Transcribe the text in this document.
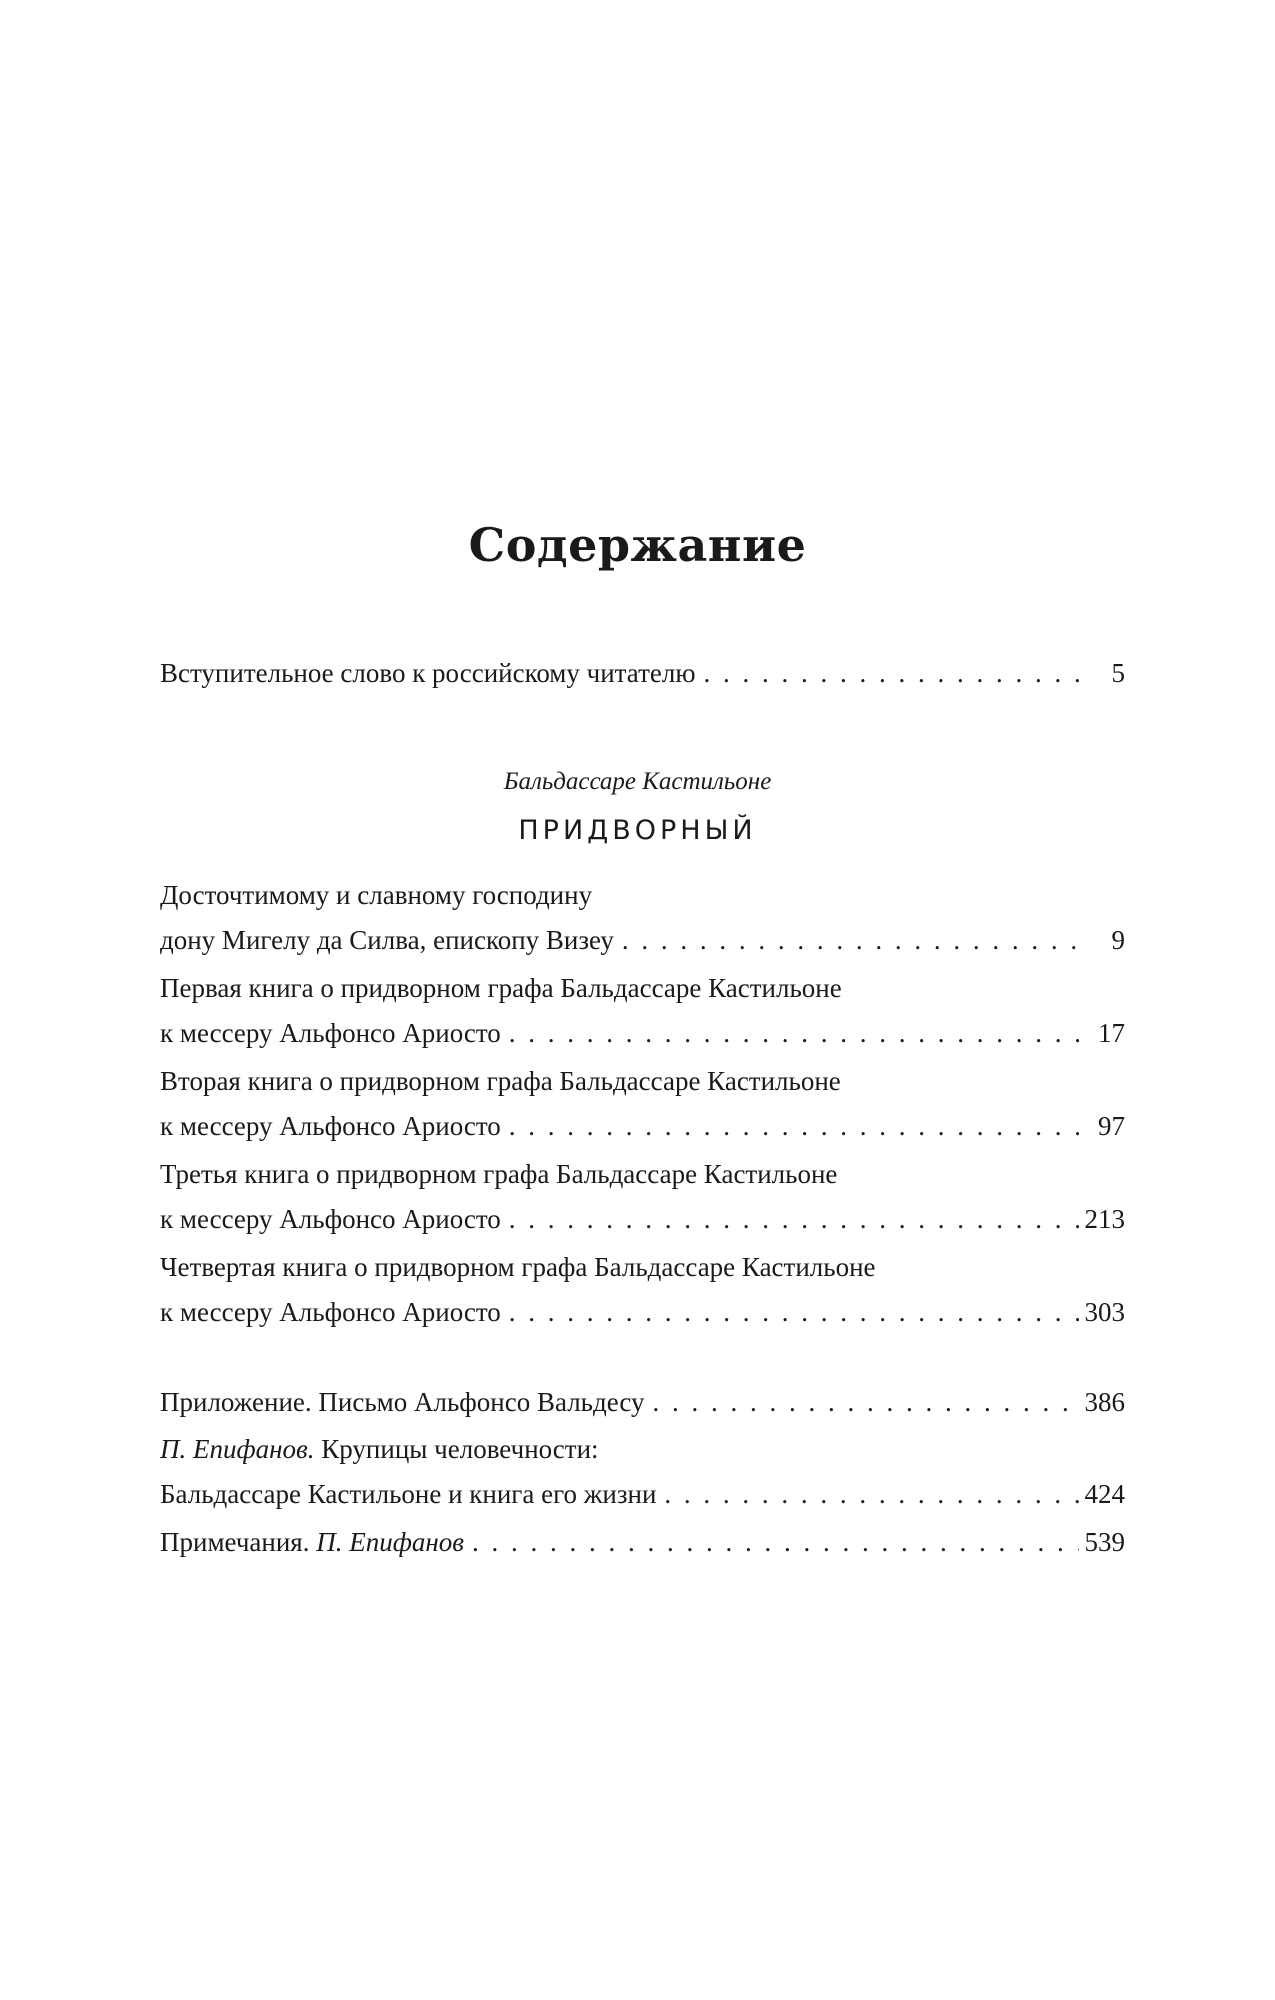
Содержание
Вступительное слово к российскому читателю . . .	5
Досточтимому и славному господину
дону Мигелу да Силва, епископу Визеу . . .	9
Первая книга о придворном графа Бальдассаре Кастильоне
к мессеру Альфонсо Ариосто . . .	17
Вторая книга о придворном графа Бальдассаре Кастильоне
к мессеру Альфонсо Ариосто . . .	97
Третья книга о придворном графа Бальдассаре Кастильоне
к мессеру Альфонсо Ариосто . . .	213
Четвертая книга о придворном графа Бальдассаре Кастильоне
к мессеру Альфонсо Ариосто . . .	303
Приложение. Письмо Альфонсо Вальдесу . . .	386
П. Епифанов. Крупицы человечности:
Бальдассаре Кастильоне и книга его жизни . . .	424
Примечания. П. Епифанов . . .	539
Бальдассаре Кастильоне
ПРИДВОРНЫЙ
